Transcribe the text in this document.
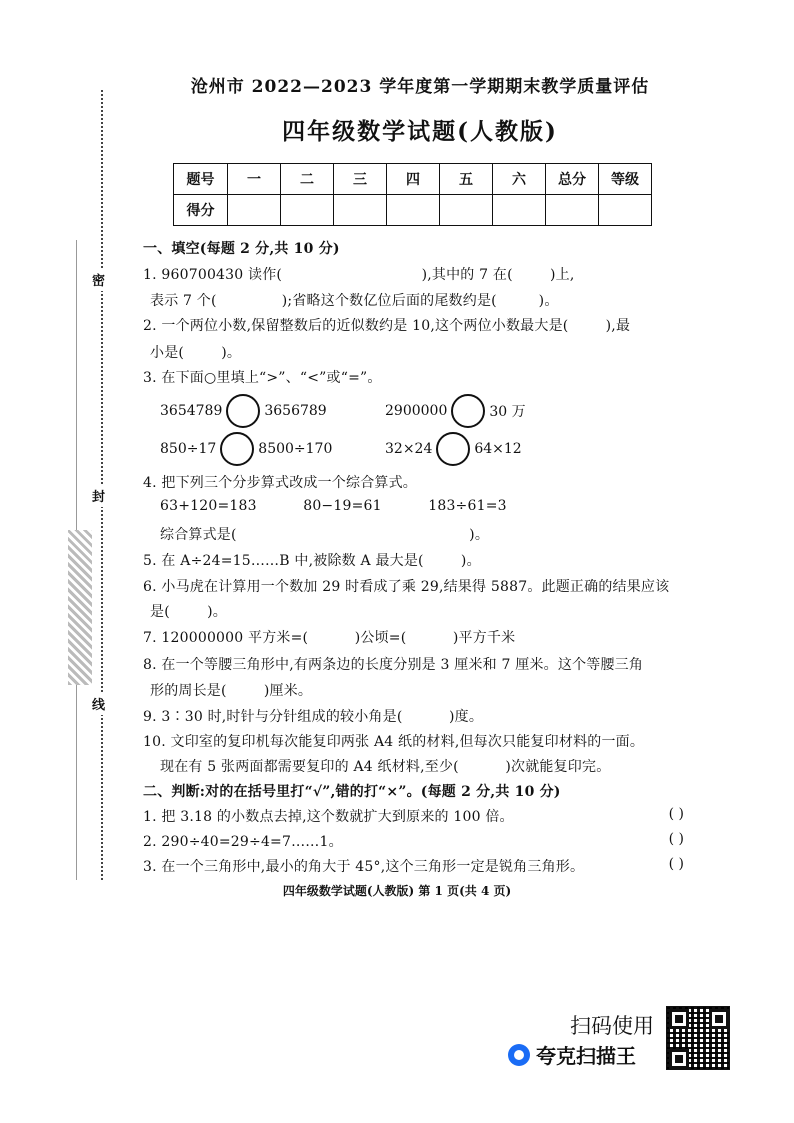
密
封
线
沧州市 2022—2023 学年度第一学期期末教学质量评估
四年级数学试题(人教版)
题号	一	二	三	四	五	六	总分	等级
得分								
一、填空(每题 2 分,共 10 分)
1. 960700430 读作(                              ),其中的 7 在(        )上,
表示 7 个(              );省略这个数亿位后面的尾数约是(         )。
2. 一个两位小数,保留整数后的近似数约是 10,这个两位小数最大是(        ),最
小是(        )。
3. 在下面○里填上“>”、“<”或“=”。
3654789	3656789	2900000	30 万
850÷17	8500÷170	32×24	64×12
4. 把下列三个分步算式改成一个综合算式。
63+120=183          80−19=61          183÷61=3
综合算式是(                                                  )。
5. 在 A÷24=15……B 中,被除数 A 最大是(        )。
6. 小马虎在计算用一个数加 29 时看成了乘 29,结果得 5887。此题正确的结果应该
是(        )。
7. 120000000 平方米=(          )公顷=(          )平方千米
8. 在一个等腰三角形中,有两条边的长度分别是 3 厘米和 7 厘米。这个等腰三角
形的周长是(        )厘米。
9. 3∶30 时,时针与分针组成的较小角是(          )度。
10. 文印室的复印机每次能复印两张 A4 纸的材料,但每次只能复印材料的一面。
现在有 5 张两面都需要复印的 A4 纸材料,至少(          )次就能复印完。
二、判断:对的在括号里打“√”,错的打“×”。(每题 2 分,共 10 分)
1. 把 3.18 的小数点去掉,这个数就扩大到原来的 100 倍。	( )
2. 290÷40=29÷4=7……1。	( )
3. 在一个三角形中,最小的角大于 45°,这个三角形一定是锐角三角形。	( )
四年级数学试题(人教版) 第 1 页(共 4 页)
扫码使用
夸克扫描王
